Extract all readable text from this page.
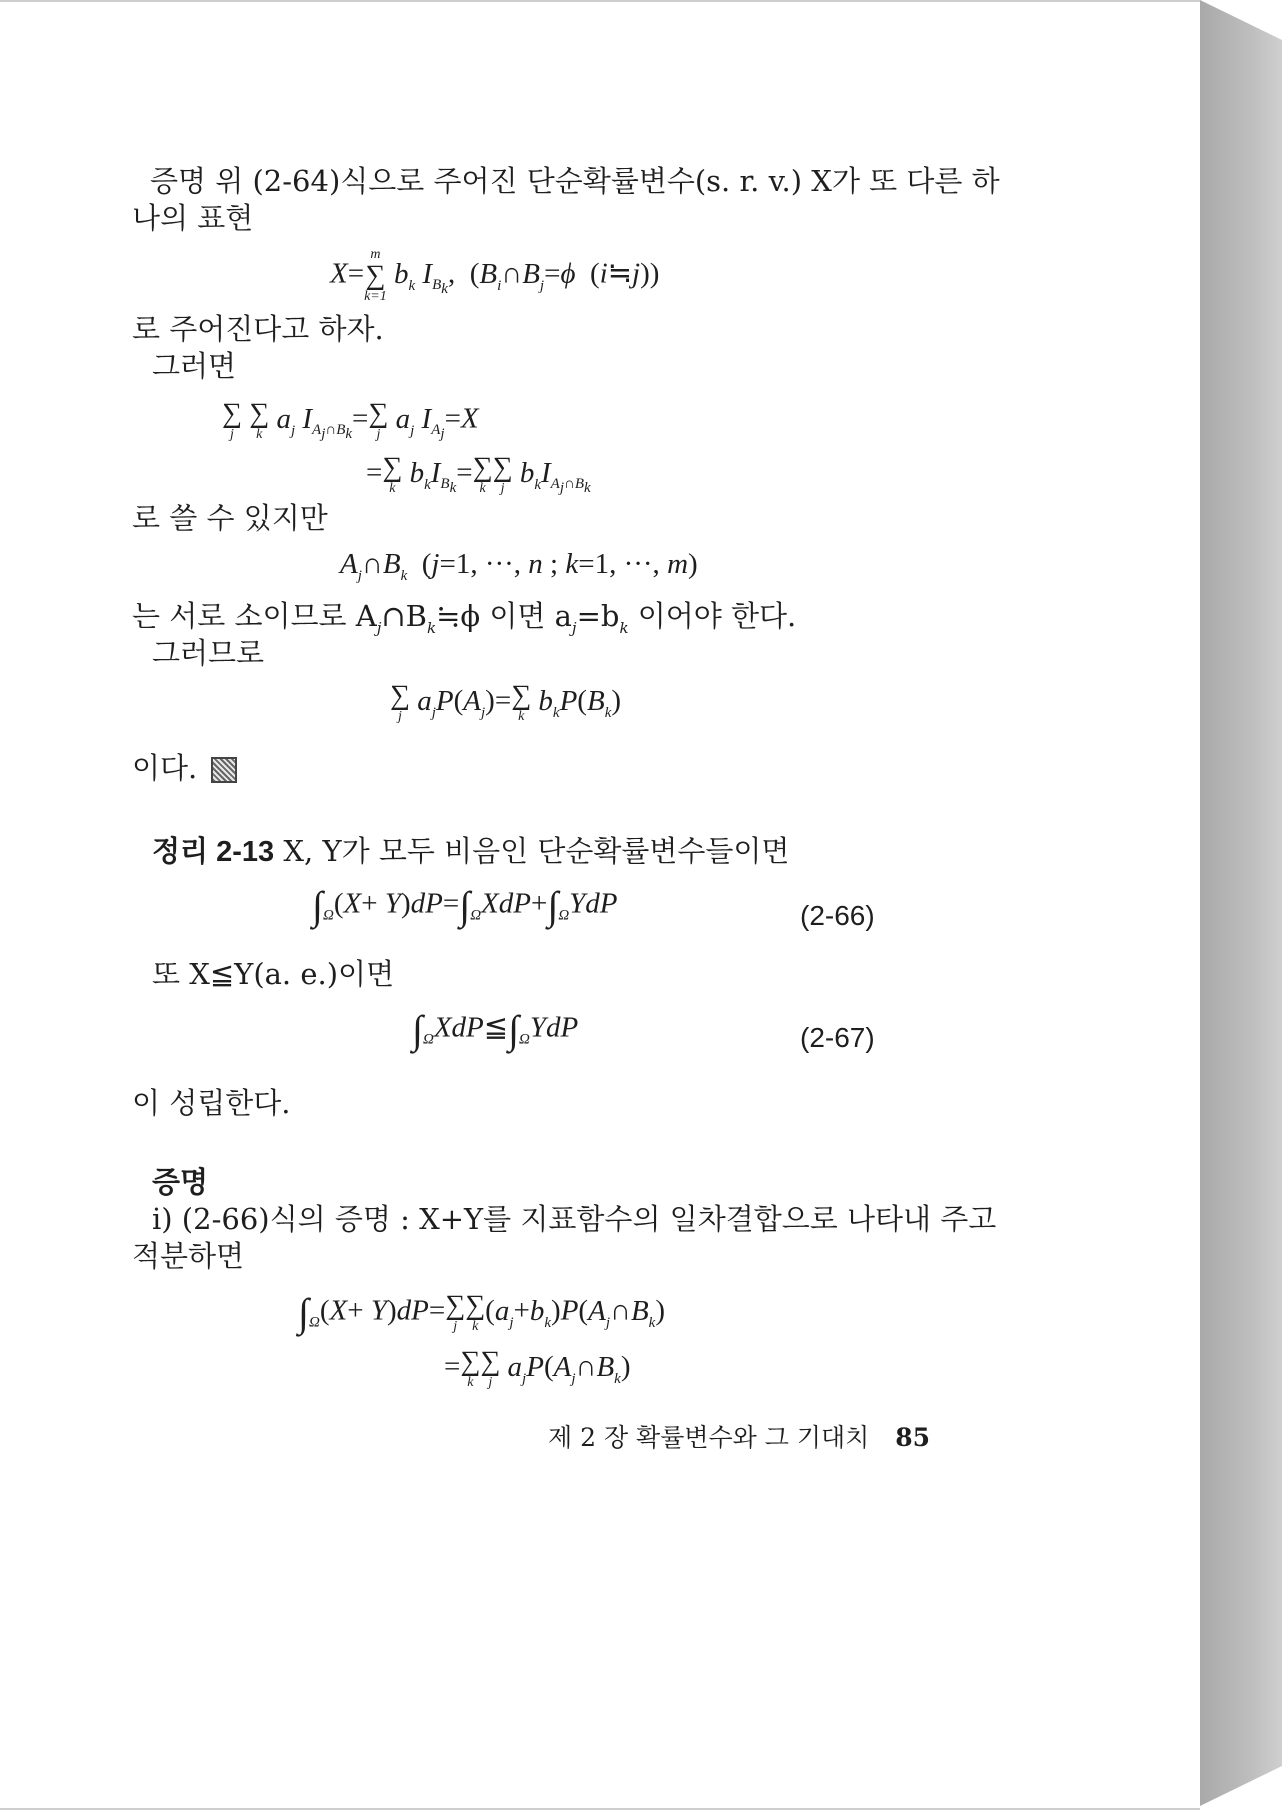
증명 위 (2-64)식으로 주어진 단순확률변수(s. r. v.) X가 또 다른 하
나의 표현
X=
m
∑
k=1
$b_k$ $I_{B_k}$,  ($B_i\cap B_j=\phi$  (i≒j))
로 주어진다고 하자.
그러면
∑
j

∑
k $a_j$ $I_{A_j\cap B_k}=$ ∑
j $a_j$ $I_{A_j}=X$
= ∑
k $b_kI_{B_k}=$ ∑
k
∑
j $b_kI_{A_j\cap B_k}$
로 쓸 수 있지만
$A_j\cap B_k$  (j=1, ···, n ; k=1, ···, m)
는 서로 소이므로 $A_j\cap B_k≒\phi$ 이면 $a_j=b_k$ 이어야 한다.
그러므로
∑
j $a_jP(A_j)=$ ∑
k $b_kP(B_k)$
이다.
정리 2-13 X, Y가 모두 비음인 단순확률변수들이면
$\int_\Omega(X+ Y)dP=\int_\Omega XdP+\int_\Omega YdP$	(2-66)
또 X≦Y(a. e.)이면
$\int_\Omega XdP≦\int_\Omega YdP$	(2-67)
이 성립한다.
증명
i) (2-66)식의 증명 : X+Y를 지표함수의 일차결합으로 나타내 주고
적분하면
$\int_\Omega(X+ Y)dP=$ ∑
j
∑
k $(a_j+b_k)P(A_j\cap B_k)$
= ∑
k
∑
j $a_jP(A_j\cap B_k)$
제 2 장 확률변수와 그 기대치 85
